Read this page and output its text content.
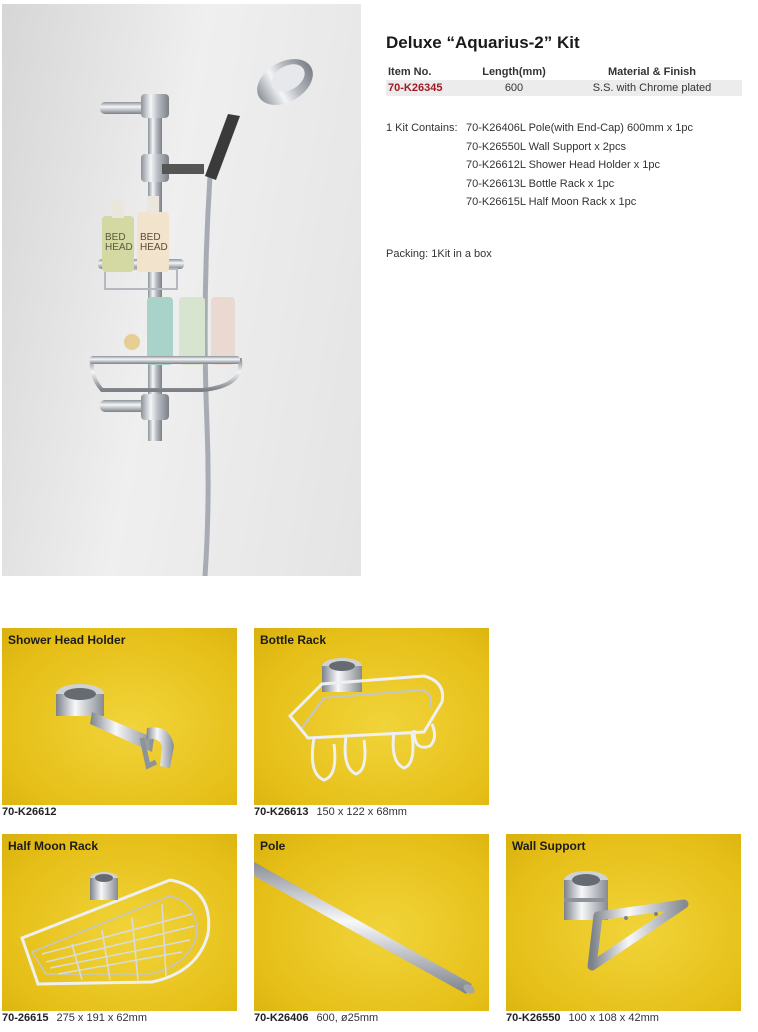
BED
HEAD
BED
HEAD
Deluxe “Aquarius-2” Kit
Item No.	Length(mm)	Material & Finish
70-K26345	600	S.S. with Chrome plated
1 Kit Contains: 70-K26406L Pole(with End-Cap) 600mm x 1pc
70-K26550L Wall Support x 2pcs
70-K26612L Shower Head Holder x 1pc
70-K26613L Bottle Rack x 1pc
70-K26615L Half Moon Rack x 1pc
Packing: 1Kit in a box
Shower Head Holder
70-K26612
Bottle Rack
70-K26613 150 x 122 x 68mm
Half Moon Rack
70-26615 275 x 191 x 62mm
Pole
70-K26406 600, ø25mm
Wall Support
70-K26550 100 x 108 x 42mm
